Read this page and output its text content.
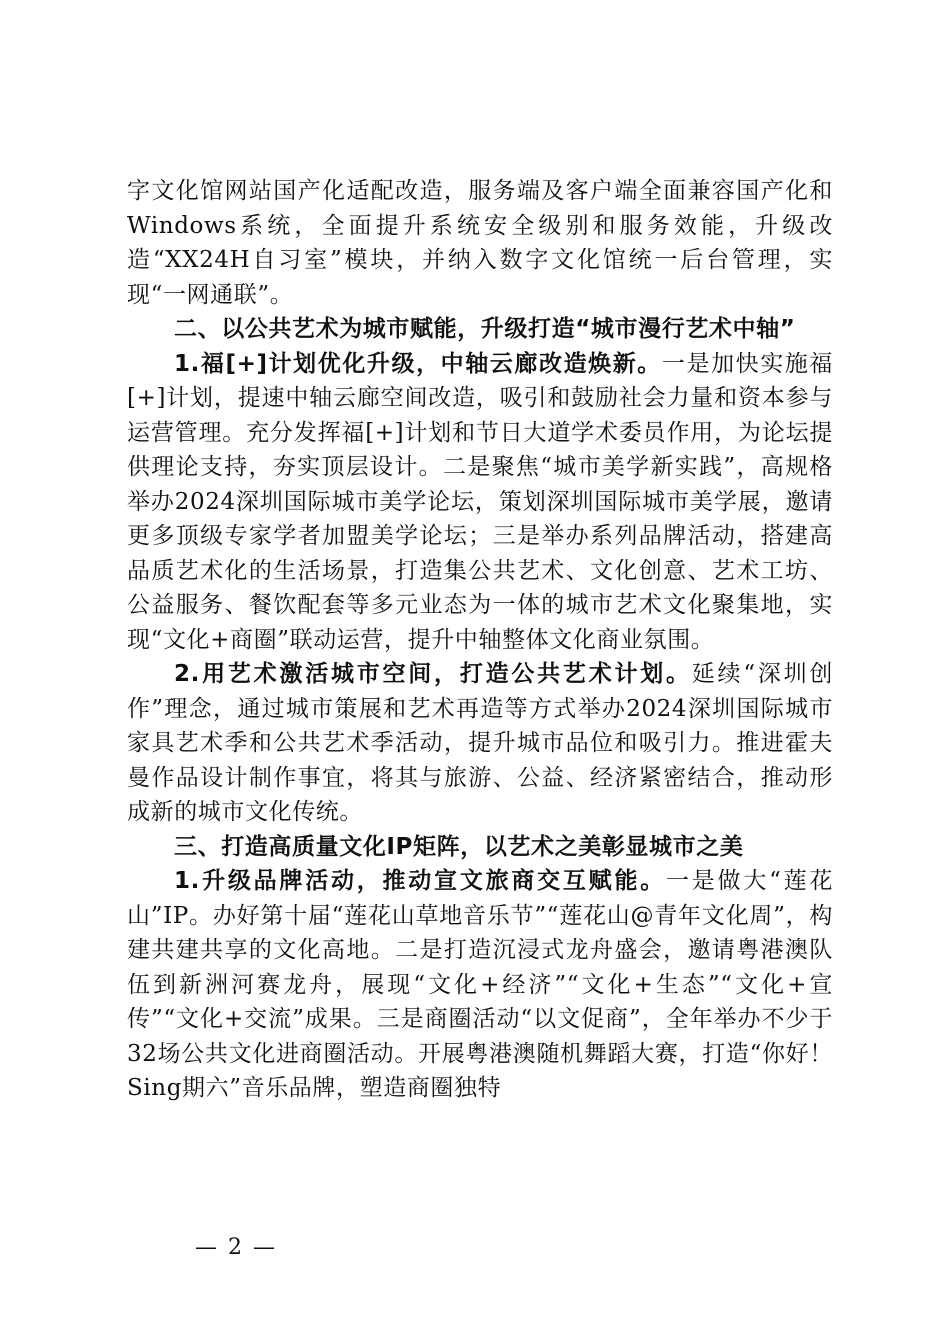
字文化馆网站国产化适配改造，服务端及客户端全面兼容国产化和Windows系统，全面提升系统安全级别和服务效能，升级改造“XX24H自习室”模块，并纳入数字文化馆统一后台管理，实现“一网通联”。

二、以公共艺术为城市赋能，升级打造“城市漫行艺术中轴”

1.福[+]计划优化升级，中轴云廊改造焕新。一是加快实施福[+]计划，提速中轴云廊空间改造，吸引和鼓励社会力量和资本参与运营管理。充分发挥福[+]计划和节日大道学术委员作用，为论坛提供理论支持，夯实顶层设计。二是聚焦“城市美学新实践”，高规格举办2024深圳国际城市美学论坛，策划深圳国际城市美学展，邀请更多顶级专家学者加盟美学论坛；三是举办系列品牌活动，搭建高品质艺术化的生活场景，打造集公共艺术、文化创意、艺术工坊、公益服务、餐饮配套等多元业态为一体的城市艺术文化聚集地，实现“文化+商圈”联动运营，提升中轴整体文化商业氛围。

2.用艺术激活城市空间，打造公共艺术计划。延续“深圳创作”理念，通过城市策展和艺术再造等方式举办2024深圳国际城市家具艺术季和公共艺术季活动，提升城市品位和吸引力。推进霍夫曼作品设计制作事宜，将其与旅游、公益、经济紧密结合，推动形成新的城市文化传统。

三、打造高质量文化IP矩阵，以艺术之美彰显城市之美

1.升级品牌活动，推动宣文旅商交互赋能。一是做大“莲花山”IP。办好第十届“莲花山草地音乐节”“莲花山@青年文化周”，构建共建共享的文化高地。二是打造沉浸式龙舟盛会，邀请粤港澳队伍到新洲河赛龙舟，展现“文化+经济”“文化+生态”“文化+宣传”“文化+交流”成果。三是商圈活动“以文促商”，全年举办不少于32场公共文化进商圈活动。开展粤港澳随机舞蹈大赛，打造“你好！Sing期六”音乐品牌，塑造商圈独特

— 2 —
